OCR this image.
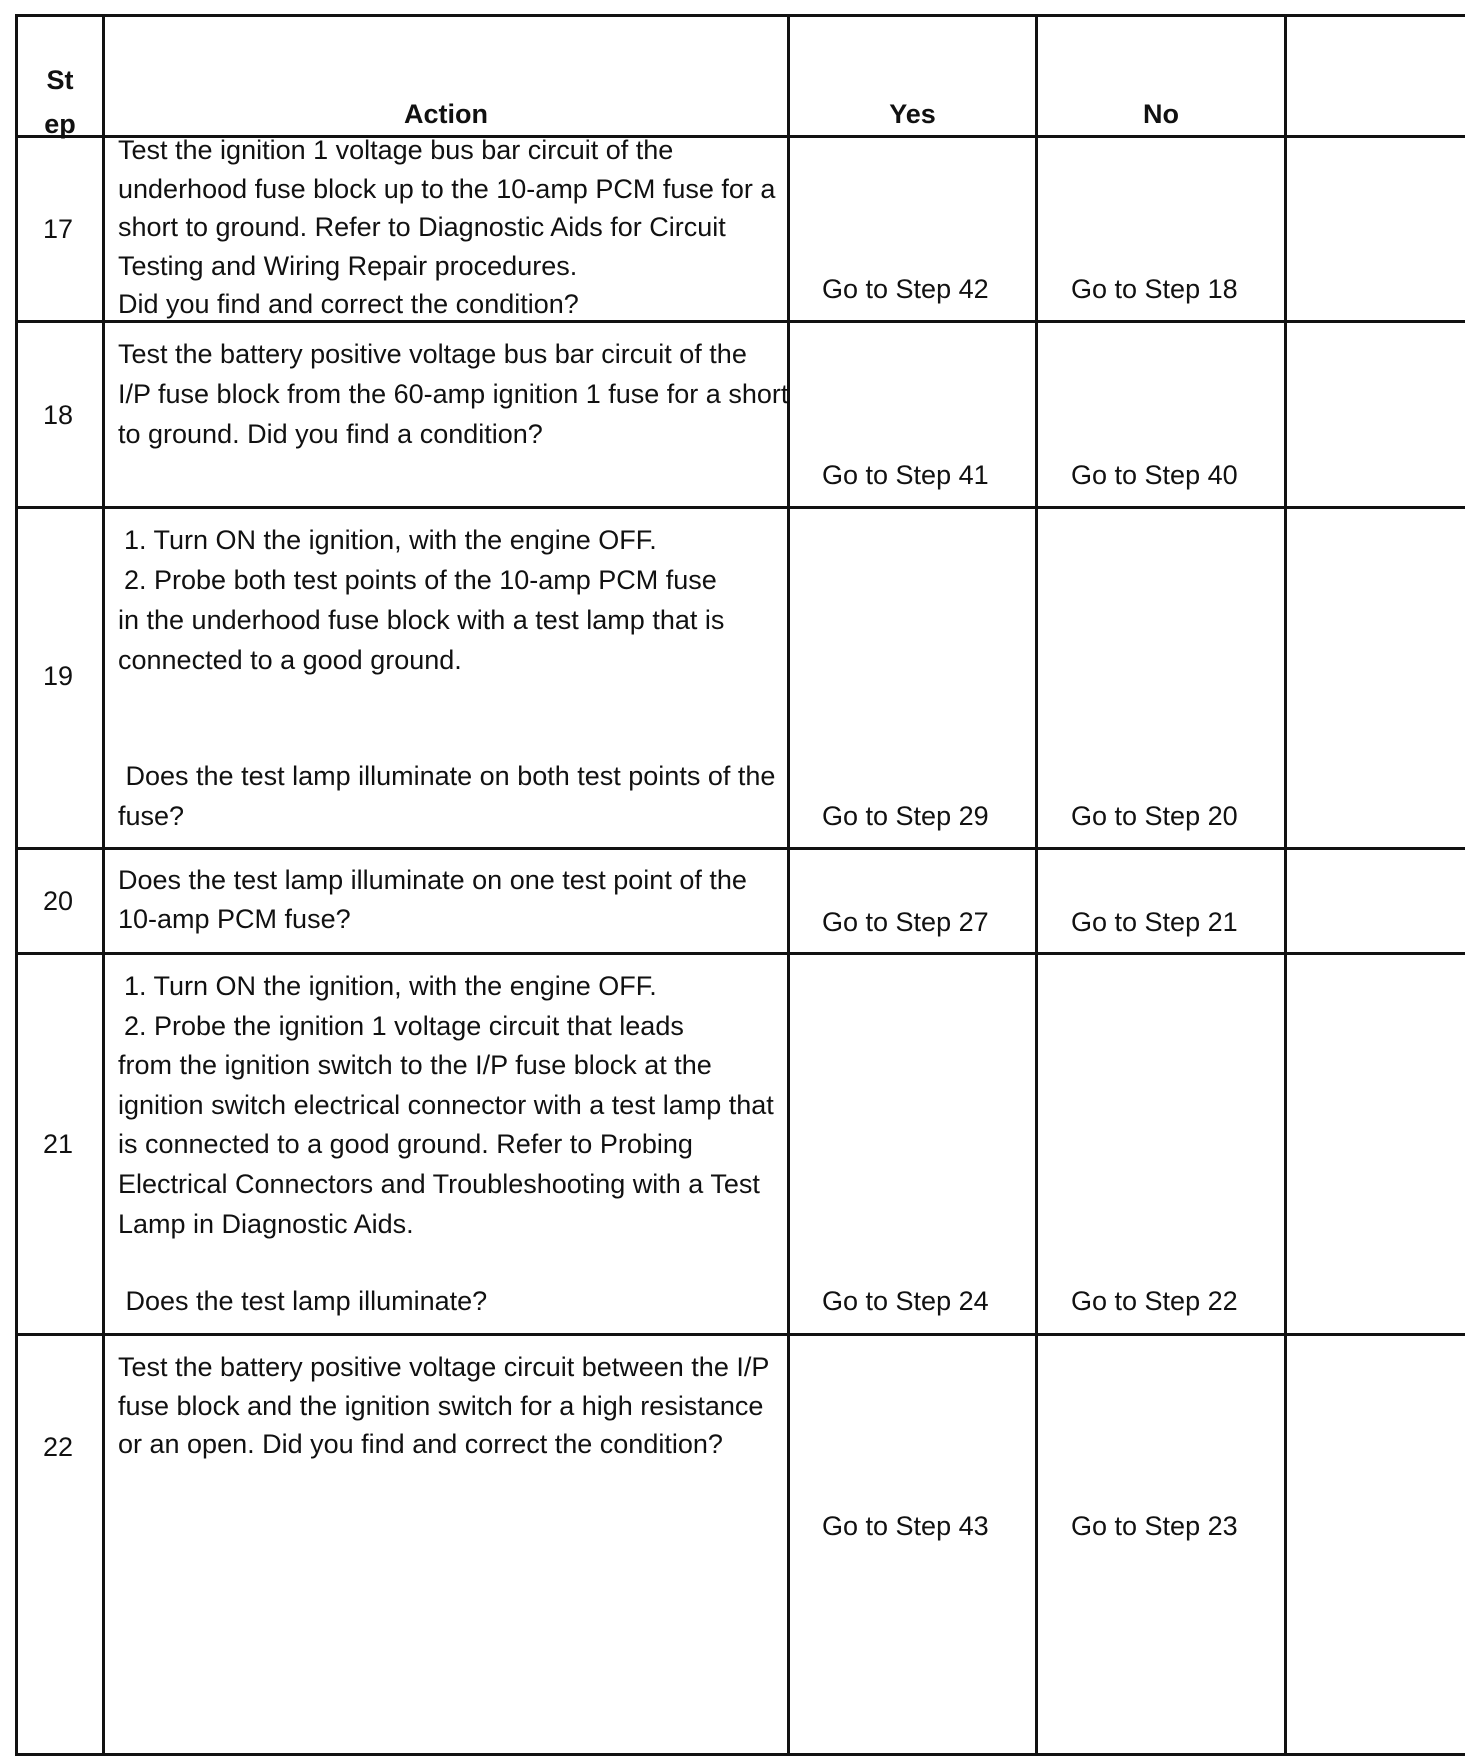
St
ep	Action	Yes	No
17
Test the ignition 1 voltage bus bar circuit of the
underhood fuse block up to the 10-amp PCM fuse for a
short to ground. Refer to Diagnostic Aids for Circuit
Testing and Wiring Repair procedures.
Did you find and correct the condition?	Go to Step 42	Go to Step 18
18
Test the battery positive voltage bus bar circuit of the
I/P fuse block from the 60-amp ignition 1 fuse for a short
to ground. Did you find a condition?
Go to Step 41	Go to Step 40
19
1. Turn ON the ignition, with the engine OFF.
2. Probe both test points of the 10-amp PCM fuse
in the underhood fuse block with a test lamp that is
connected to a good ground.
Does the test lamp illuminate on both test points of the
fuse?	Go to Step 29	Go to Step 20
20
Does the test lamp illuminate on one test point of the
10-amp PCM fuse?	Go to Step 27	Go to Step 21
21
1. Turn ON the ignition, with the engine OFF.
2. Probe the ignition 1 voltage circuit that leads
from the ignition switch to the I/P fuse block at the
ignition switch electrical connector with a test lamp that
is connected to a good ground. Refer to Probing
Electrical Connectors and Troubleshooting with a Test
Lamp in Diagnostic Aids.
Does the test lamp illuminate?	Go to Step 24	Go to Step 22
22
Test the battery positive voltage circuit between the I/P
fuse block and the ignition switch for a high resistance
or an open. Did you find and correct the condition?
Go to Step 43	Go to Step 23
